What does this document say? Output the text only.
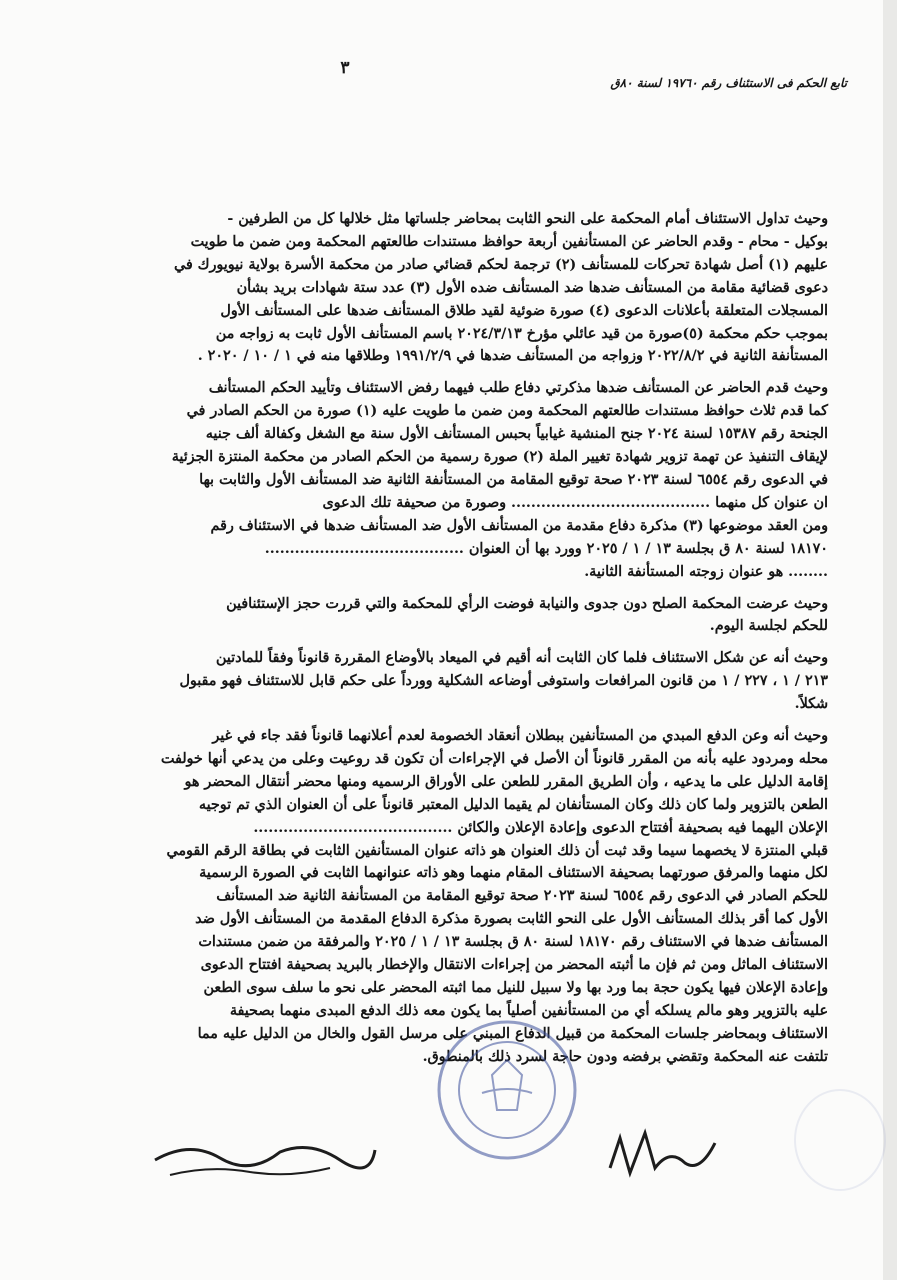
٣
تابع الحكم فى الاستئناف رقم ١٩٧٦٠ لسنة ٨٠ق

وحيث تداول الاستئناف أمام المحكمة على النحو الثابت بمحاضر جلساتها مثل خلالها كل من الطرفين -

بوكيل - محام - وقدم الحاضر عن المستأنفين أربعة حوافظ مستندات طالعتهم المحكمة ومن ضمن ما طويت

عليهم (١) أصل شهادة تحركات للمستأنف (٢) ترجمة لحكم قضائي صادر من محكمة الأسرة بولاية نيويورك في

دعوى قضائية مقامة من المستأنف ضدها ضد المستأنف ضده الأول (٣) عدد ستة شهادات بريد بشأن

المسجلات المتعلقة بأعلانات الدعوى (٤) صورة ضوئية لقيد طلاق المستأنف ضدها على المستأنف الأول

بموجب حكم محكمة (٥)صورة من قيد عائلي مؤرخ ٢٠٢٤/٣/١٣ باسم المستأنف الأول ثابت به زواجه من

المستأنفة الثانية في ٢٠٢٢/٨/٢ وزواجه من المستأنف ضدها في ١٩٩١/٢/٩ وطلاقها منه في ١ / ١٠ / ٢٠٢٠ .

وحيث قدم الحاضر عن المستأنف ضدها مذكرتي دفاع طلب فيهما رفض الاستئناف وتأييد الحكم المستأنف

كما قدم ثلاث حوافظ مستندات طالعتهم المحكمة ومن ضمن ما طويت عليه (١) صورة من الحكم الصادر في

الجنحة رقم ١٥٣٨٧ لسنة ٢٠٢٤ جنح المنشية غيابياً بحبس المستأنف الأول سنة مع الشغل وكفالة ألف جنيه

لإيقاف التنفيذ عن تهمة تزوير شهادة تغيير الملة (٢) صورة رسمية من الحكم الصادر من محكمة المنتزة الجزئية

في الدعوى رقم ٦٥٥٤ لسنة ٢٠٢٣ صحة توقيع المقامة من المستأنفة الثانية ضد المستأنف الأول والثابت بها

ان عنوان كل منهما ........................................ وصورة من صحيفة تلك الدعوى

ومن العقد موضوعها (٣) مذكرة دفاع مقدمة من المستأنف الأول ضد المستأنف ضدها في الاستئناف رقم

١٨١٧٠ لسنة ٨٠ ق بجلسة ١٣ / ١ / ٢٠٢٥ وورد بها أن العنوان ........................................

........ هو عنوان زوجته المستأنفة الثانية.

وحيث عرضت المحكمة الصلح دون جدوى والنيابة فوضت الرأي للمحكمة والتي قررت حجز الإستئنافين

للحكم لجلسة اليوم.

وحيث أنه عن شكل الاستئناف فلما كان الثابت أنه أقيم في الميعاد بالأوضاع المقررة قانوناً وفقاً للمادتين

٢١٣ / ١ ، ٢٢٧ / ١ من قانون المرافعات واستوفى أوضاعه الشكلية وورداً على حكم قابل للاستئناف فهو مقبول

شكلاً.

وحيث أنه وعن الدفع المبدي من المستأنفين ببطلان أنعقاد الخصومة لعدم أعلانهما قانوناً فقد جاء في غير

محله ومردود عليه بأنه من المقرر قانوناً أن الأصل في الإجراءات أن تكون قد روعيت وعلى من يدعي أنها خولفت

إقامة الدليل على ما يدعيه ، وأن الطريق المقرر للطعن على الأوراق الرسميه ومنها محضر أنتقال المحضر هو

الطعن بالتزوير ولما كان ذلك وكان المستأنفان لم يقيما الدليل المعتبر قانوناً على أن العنوان الذي تم توجيه

الإعلان اليهما فيه بصحيفة أفتتاح الدعوى وإعادة الإعلان والكائن ........................................

قبلي المنتزة لا يخصهما سيما وقد ثبت أن ذلك العنوان هو ذاته عنوان المستأنفين الثابت في بطاقة الرقم القومي

لكل منهما والمرفق صورتهما بصحيفة الاستئناف المقام منهما وهو ذاته عنوانهما الثابت في الصورة الرسمية

للحكم الصادر في الدعوى رقم ٦٥٥٤ لسنة ٢٠٢٣ صحة توقيع المقامة من المستأنفة الثانية ضد المستأنف

الأول كما أقر بذلك المستأنف الأول على النحو الثابت بصورة مذكرة الدفاع المقدمة من المستأنف الأول ضد

المستأنف ضدها في الاستئناف رقم ١٨١٧٠ لسنة ٨٠ ق بجلسة ١٣ / ١ / ٢٠٢٥ والمرفقة من ضمن مستندات

الاستئناف الماثل ومن ثم فإن ما أثبته المحضر من إجراءات الانتقال والإخطار بالبريد بصحيفة افتتاح الدعوى

وإعادة الإعلان فيها يكون حجة بما ورد بها ولا سبيل للنيل مما اثبته المحضر على نحو ما سلف سوى الطعن

عليه بالتزوير وهو مالم يسلكه أي من المستأنفين أصلياً بما يكون معه ذلك الدفع المبدى منهما بصحيفة

الاستئناف وبمحاضر جلسات المحكمة من قبيل الدفاع المبني على مرسل القول والخال من الدليل عليه مما

تلتفت عنه المحكمة وتقضي برفضه ودون حاجة لسرد ذلك بالمنطوق.
